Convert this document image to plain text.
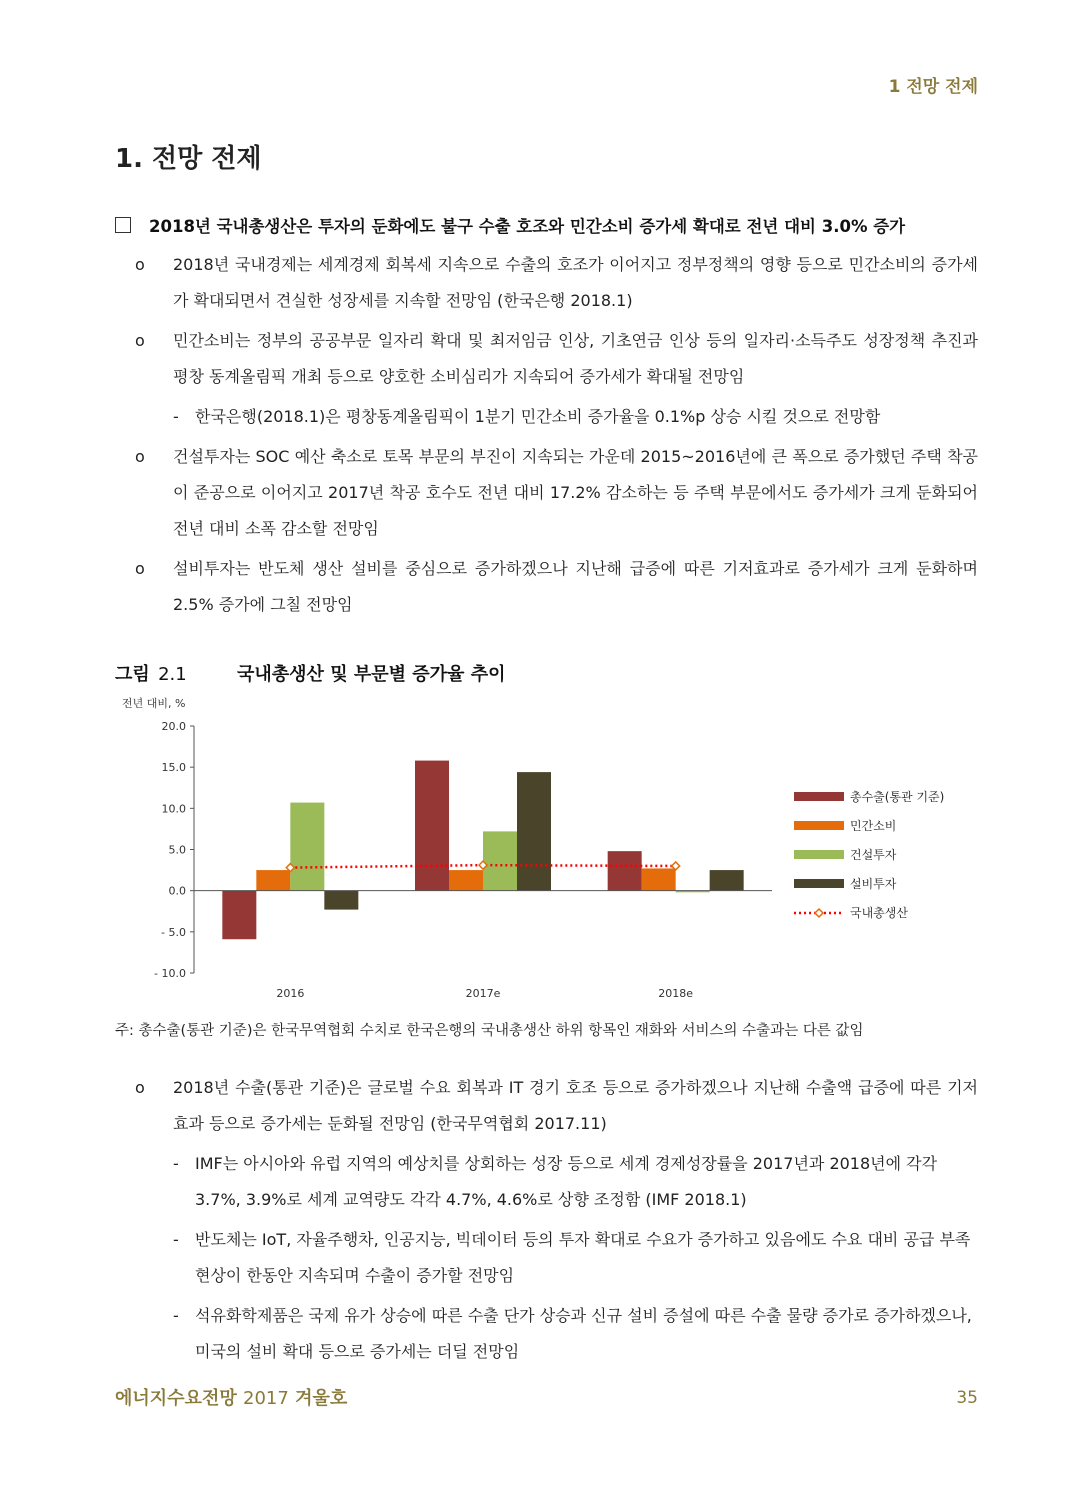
1 전망 전제
1. 전망 전제
2018년 국내총생산은 투자의 둔화에도 불구 수출 호조와 민간소비 증가세 확대로 전년 대비 3.0% 증가
o	2018년 국내경제는 세계경제 회복세 지속으로 수출의 호조가 이어지고 정부정책의 영향 등으로 민간소비의 증가세가 확대되면서 견실한 성장세를 지속할 전망임 (한국은행 2018.1)
o	민간소비는 정부의 공공부문 일자리 확대 및 최저임금 인상, 기초연금 인상 등의 일자리·소득주도 성장정책 추진과 평창 동계올림픽 개최 등으로 양호한 소비심리가 지속되어 증가세가 확대될 전망임
-	한국은행(2018.1)은 평창동계올림픽이 1분기 민간소비 증가율을 0.1%p 상승 시킬 것으로 전망함
o	건설투자는 SOC 예산 축소로 토목 부문의 부진이 지속되는 가운데 2015~2016년에 큰 폭으로 증가했던 주택 착공이 준공으로 이어지고 2017년 착공 호수도 전년 대비 17.2% 감소하는 등 주택 부문에서도 증가세가 크게 둔화되어 전년 대비 소폭 감소할 전망임
o	설비투자는 반도체 생산 설비를 중심으로 증가하겠으나 지난해 급증에 따른 기저효과로 증가세가 크게 둔화하며 2.5% 증가에 그칠 전망임
그림 2.1	국내총생산 및 부문별 증가율 추이
전년 대비, %
20.0
15.0
10.0
5.0
0.0
- 5.0
- 10.0
2016	2017e	2018e
총수출(통관 기준)
민간소비
건설투자
설비투자
국내총생산
주: 총수출(통관 기준)은 한국무역협회 수치로 한국은행의 국내총생산 하위 항목인 재화와 서비스의 수출과는 다른 값임
o	2018년 수출(통관 기준)은 글로벌 수요 회복과 IT 경기 호조 등으로 증가하겠으나 지난해 수출액 급증에 따른 기저효과 등으로 증가세는 둔화될 전망임 (한국무역협회 2017.11)
-	IMF는 아시아와 유럽 지역의 예상치를 상회하는 성장 등으로 세계 경제성장률을 2017년과 2018년에 각각 3.7%, 3.9%로 세계 교역량도 각각 4.7%, 4.6%로 상향 조정함 (IMF 2018.1)
-	반도체는 IoT, 자율주행차, 인공지능, 빅데이터 등의 투자 확대로 수요가 증가하고 있음에도 수요 대비 공급 부족 현상이 한동안 지속되며 수출이 증가할 전망임
-	석유화학제품은 국제 유가 상승에 따른 수출 단가 상승과 신규 설비 증설에 따른 수출 물량 증가로 증가하겠으나, 미국의 설비 확대 등으로 증가세는 더딜 전망임
에너지수요전망 2017 겨울호	35
